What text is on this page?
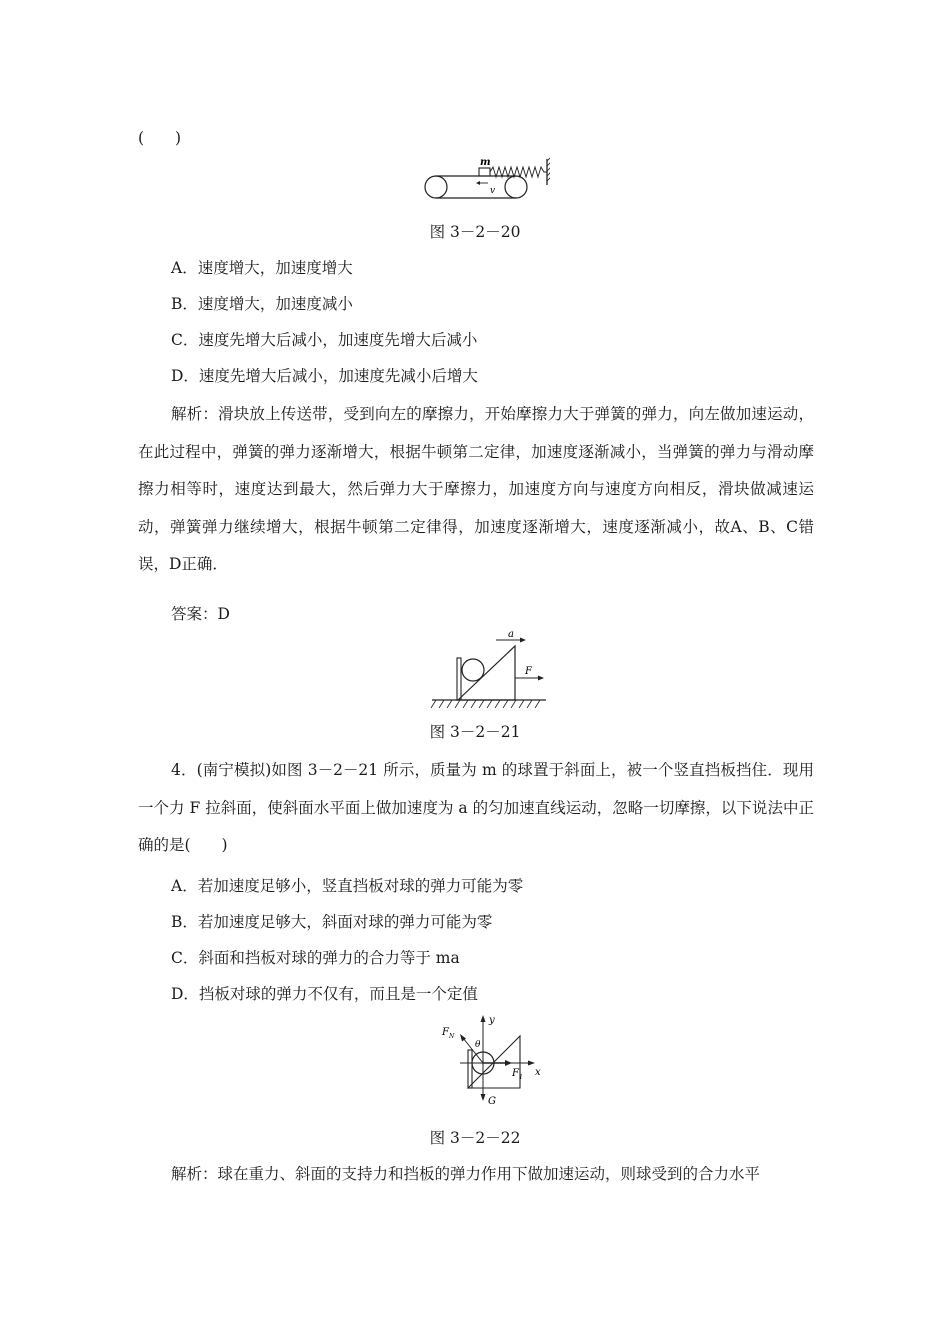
(　　)
m
v
图 3－2－20
A．速度增大，加速度增大
B．速度增大，加速度减小
C．速度先增大后减小，加速度先增大后减小
D．速度先增大后减小，加速度先减小后增大
解析：滑块放上传送带，受到向左的摩擦力，开始摩擦力大于弹簧的弹力，向左做加速运动，在此过程中，弹簧的弹力逐渐增大，根据牛顿第二定律，加速度逐渐减小，当弹簧的弹力与滑动摩擦力相等时，速度达到最大，然后弹力大于摩擦力，加速度方向与速度方向相反，滑块做减速运动，弹簧弹力继续增大，根据牛顿第二定律得，加速度逐渐增大，速度逐渐减小，故A、B、C错误，D正确．
答案：D
a
F
图 3－2－21
4．(南宁模拟)如图 3－2－21 所示，质量为 m 的球置于斜面上，被一个竖直挡板挡住．现用一个力 F 拉斜面，使斜面水平面上做加速度为 a 的匀加速直线运动，忽略一切摩擦，以下说法中正确的是(　　)
A．若加速度足够小，竖直挡板对球的弹力可能为零
B．若加速度足够大，斜面对球的弹力可能为零
C．斜面和挡板对球的弹力的合力等于 ma
D．挡板对球的弹力不仅有，而且是一个定值
y
x
G
F N
θ
F 1
图 3－2－22
解析：球在重力、斜面的支持力和挡板的弹力作用下做加速运动，则球受到的合力水平
